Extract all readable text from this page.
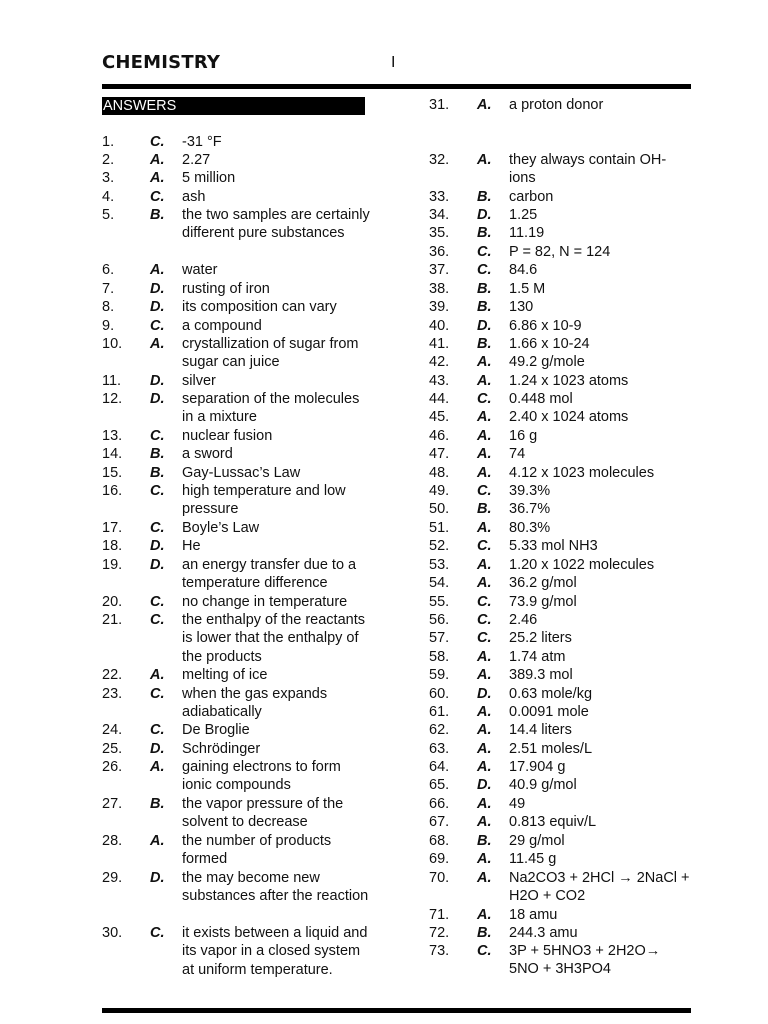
CHEMISTRY	I
ANSWERS
1. C. -31 °F
2. A. 2.27
3. A. 5 million
4. C. ash
5. B. the two samples are certainly different pure substances
6. A. water
7. D. rusting of iron
8. D. its composition can vary
9. C. a compound
10. A. crystallization of sugar from sugar can juice
11. D. silver
12. D. separation of the molecules in a mixture
13. C. nuclear fusion
14. B. a sword
15. B. Gay-Lussac’s Law
16. C. high temperature and low pressure
17. C. Boyle’s Law
18. D. He
19. D. an energy transfer due to a temperature difference
20. C. no change in temperature
21. C. the enthalpy of the reactants is lower that the enthalpy of the products
22. A. melting of ice
23. C. when the gas expands adiabatically
24. C. De Broglie
25. D. Schrödinger
26. A. gaining electrons to form ionic compounds
27. B. the vapor pressure of the solvent to decrease
28. A. the number of products formed
29. D. the may become new substances after the reaction
30. C. it exists between a liquid and its vapor in a closed system at uniform temperature.
31. A. a proton donor
32. A. they always contain OH- ions
33. B. carbon
34. D. 1.25
35. B. 11.19
36. C. P = 82, N = 124
37. C. 84.6
38. B. 1.5 M
39. B. 130
40. D. 6.86 x 10-9
41. B. 1.66 x 10-24
42. A. 49.2 g/mole
43. A. 1.24 x 1023 atoms
44. C. 0.448 mol
45. A. 2.40 x 1024 atoms
46. A. 16 g
47. A. 74
48. A. 4.12 x 1023 molecules
49. C. 39.3%
50. B. 36.7%
51. A. 80.3%
52. C. 5.33 mol NH3
53. A. 1.20 x 1022 molecules
54. A. 36.2 g/mol
55. C. 73.9 g/mol
56. C. 2.46
57. C. 25.2 liters
58. A. 1.74 atm
59. A. 389.3 mol
60. D. 0.63 mole/kg
61. A. 0.0091 mole
62. A. 14.4 liters
63. A. 2.51 moles/L
64. A. 17.904 g
65. D. 40.9 g/mol
66. A. 49
67. A. 0.813 equiv/L
68. B. 29 g/mol
69. A. 11.45 g
70. A. Na2CO3 + 2HCl → 2NaCl + H2O + CO2
71. A. 18 amu
72. B. 244.3 amu
73. C. 3P + 5HNO3 + 2H2O→ 5NO + 3H3PO4
